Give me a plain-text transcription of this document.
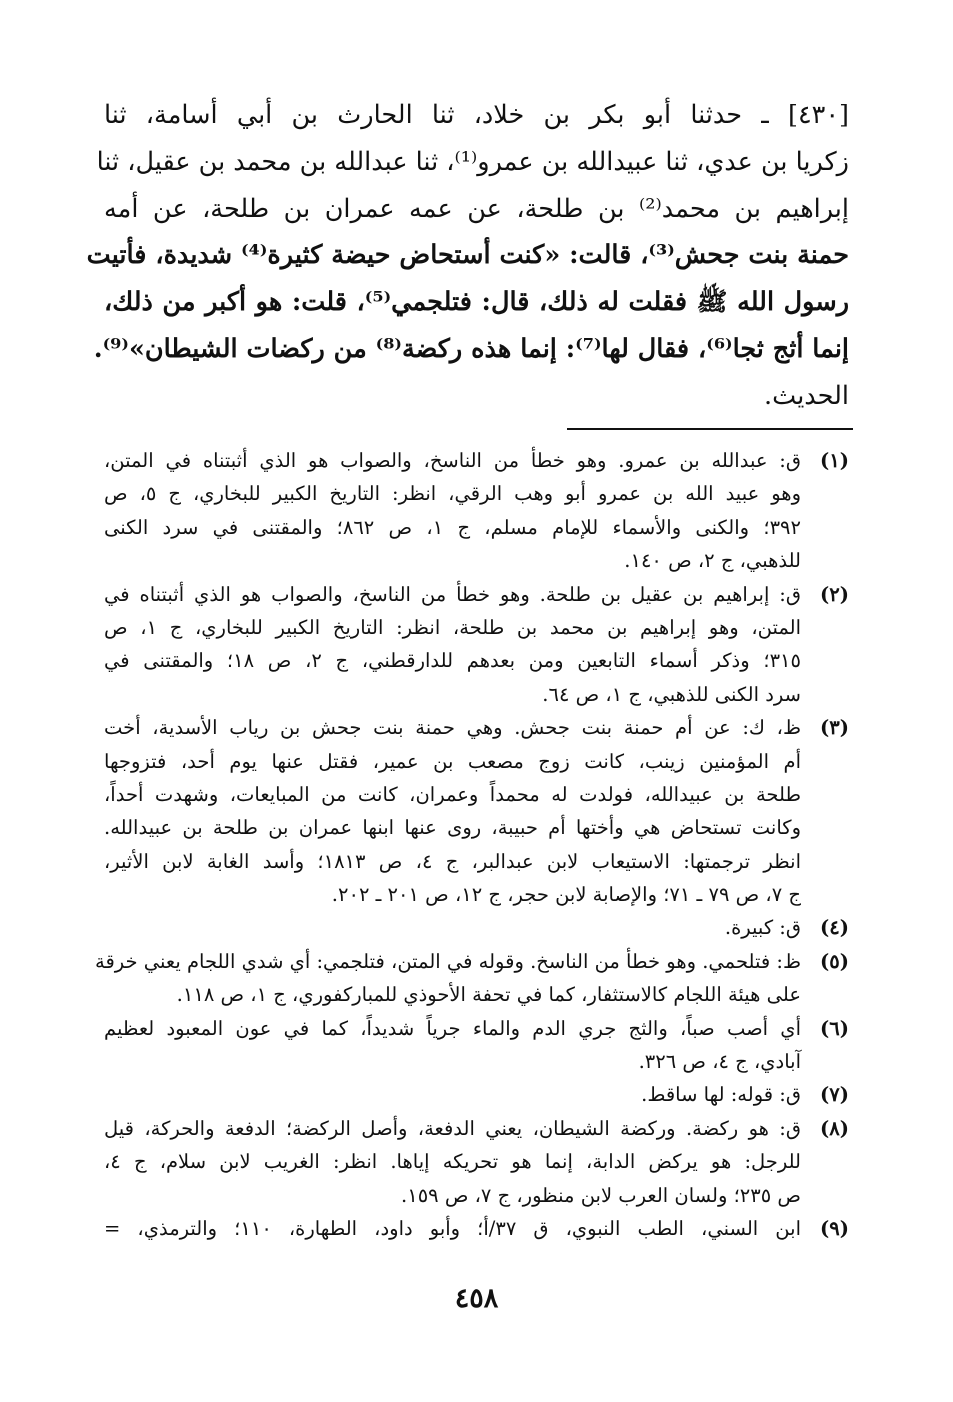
[٤٣٠] ـ حدثنا أبو بكر بن خلاد، ثنا الحارث بن أبي أسامة، ثنا
زكريا بن عدي، ثنا عبيدالله بن عمرو⁽¹⁾، ثنا عبدالله بن محمد بن عقيل، ثنا
إبراهيم بن محمد⁽²⁾ بن طلحة، عن عمه عمران بن طلحة، عن أمه
حمنة بنت جحش⁽³⁾، قالت: «كنت أستحاض حيضة كثيرة⁽⁴⁾ شديدة، فأتيت
رسول الله ﷺ فقلت له ذلك، قال: فتلجمي⁽⁵⁾، قلت: هو أكبر من ذلك،
إنما أثج ثجا⁽⁶⁾، فقال لها⁽⁷⁾: إنما هذه ركضة⁽⁸⁾ من ركضات الشيطان»⁽⁹⁾.
الحديث.
(١)
ق: عبدالله بن عمرو. وهو خطأ من الناسخ، والصواب هو الذي أثبتناه في المتن،
وهو عبيد الله بن عمرو أبو وهب الرقي، انظر: التاريخ الكبير للبخاري، ج ٥، ص
٣٩٢؛ والكنى والأسماء للإمام مسلم، ج ١، ص ٨٦٢؛ والمقتنى في سرد الكنى
للذهبي، ج ٢، ص ١٤٠.
(٢)
ق: إبراهيم بن عقيل بن طلحة. وهو خطأ من الناسخ، والصواب هو الذي أثبتناه في
المتن، وهو إبراهيم بن محمد بن طلحة، انظر: التاريخ الكبير للبخاري، ج ١، ص
٣١٥؛ وذكر أسماء التابعين ومن بعدهم للدارقطني، ج ٢، ص ١٨؛ والمقتنى في
سرد الكنى للذهبي، ج ١، ص ٦٤.
(٣)
ظ، ك: عن أم حمنة بنت جحش. وهي حمنة بنت جحش بن رياب الأسدية، أخت
أم المؤمنين زينب، كانت زوج مصعب بن عمير، فقتل عنها يوم أحد، فتزوجها
طلحة بن عبيدالله، فولدت له محمداً وعمران، كانت من المبايعات، وشهدت أحداً،
وكانت تستحاض هي وأختها أم حبيبة، روى عنها ابنها عمران بن طلحة بن عبيدالله.
انظر ترجمتها: الاستيعاب لابن عبدالبر، ج ٤، ص ١٨١٣؛ وأسد الغابة لابن الأثير،
ج ٧، ص ٧٩ ـ ٧١؛ والإصابة لابن حجر، ج ١٢، ص ٢٠١ ـ ٢٠٢.
(٤)
ق: كبيرة.
(٥)
ظ: فتلحمي. وهو خطأ من الناسخ. وقوله في المتن، فتلجمي: أي شدي اللجام يعني خرقة
على هيئة اللجام كالاستثفار، كما في تحفة الأحوذي للمباركفوري، ج ١، ص ١١٨.
(٦)
أي أصب صباً، والثج جري الدم والماء جرياً شديداً، كما في عون المعبود لعظيم
آبادي، ج ٤، ص ٣٢٦.
(٧)
ق: قوله: لها ساقط.
(٨)
ق: هو ركضة. وركضة الشيطان، يعني الدفعة، وأصل الركضة؛ الدفعة والحركة، قيل
للرجل: هو يركض الدابة، إنما هو تحريكه إياها. انظر: الغريب لابن سلام، ج ٤،
ص ٢٣٥؛ ولسان العرب لابن منظور، ج ٧، ص ١٥٩.
(٩)
ابن السني، الطب النبوي، ق ٣٧/أ؛ وأبو داود، الطهارة، ١١٠؛ والترمذي، =
٤٥٨
